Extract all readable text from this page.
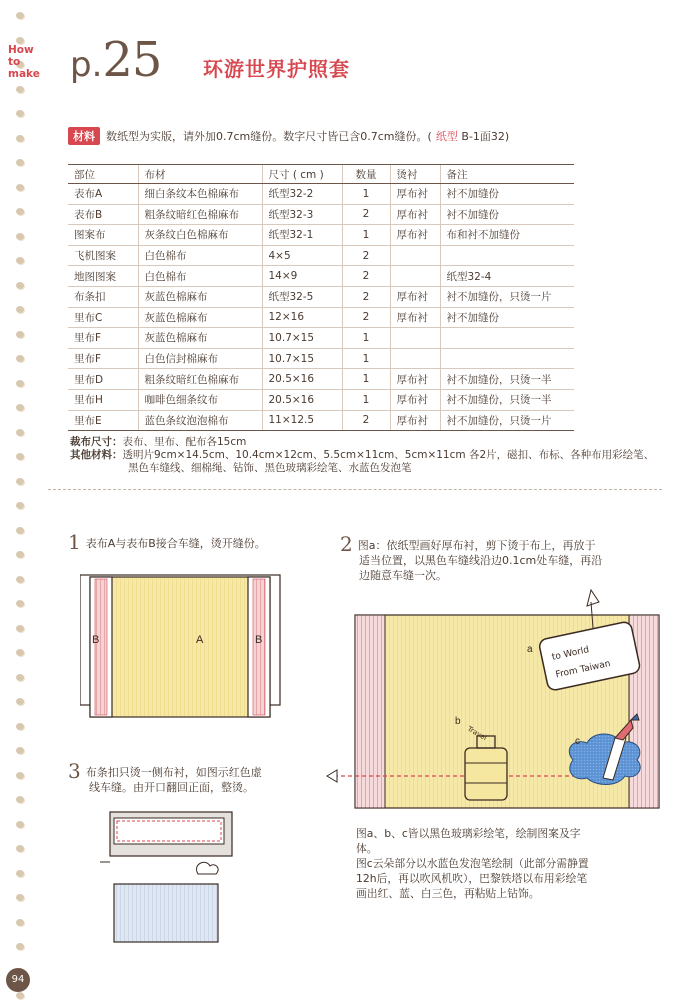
How
to
make p.25 环游世界护照套
材料 数纸型为实版，请外加0.7cm缝份。数字尺寸皆已含0.7cm缝份。( 纸型 B-1面32)
部位	布材	尺寸 ( cm )	数量	烫衬	备注
表布A	细白条纹本色棉麻布	纸型32-2	1	厚布衬	衬不加缝份
表布B	粗条纹暗红色棉麻布	纸型32-3	2	厚布衬	衬不加缝份
图案布	灰条纹白色棉麻布	纸型32-1	1	厚布衬	布和衬不加缝份
飞机图案	白色棉布	4×5	2		
地图图案	白色棉布	14×9	2		纸型32-4
布条扣	灰蓝色棉麻布	纸型32-5	2	厚布衬	衬不加缝份，只烫一片
里布C	灰蓝色棉麻布	12×16	2	厚布衬	衬不加缝份
里布F	灰蓝色棉麻布	10.7×15	1		
里布F	白色信封棉麻布	10.7×15	1		
里布D	粗条纹暗红色棉麻布	20.5×16	1	厚布衬	衬不加缝份，只烫一半
里布H	咖啡色细条纹布	20.5×16	1	厚布衬	衬不加缝份，只烫一半
里布E	蓝色条纹泡泡棉布	11×12.5	2	厚布衬	衬不加缝份，只烫一片
裁布尺寸：表布、里布、配布各15cm
其他材料：透明片9cm×14.5cm、10.4cm×12cm、5.5cm×11cm、5cm×11cm 各2片，磁扣、布标、各种布用彩绘笔、
黑色车缝线、细棉绳、钻饰、黑色玻璃彩绘笔、水蓝色发泡笔
1 表布A与表布B接合车缝，烫开缝份。
B	A	B
2 图a：依纸型画好厚布衬，剪下烫于布上，再放于
适当位置，以黑色车缝线沿边0.1cm处车缝，再沿
边随意车缝一次。
to World
From Taiwan
Travel
a
b
c
3 布条扣只烫一侧布衬，如图示红色虚
线车缝。由开口翻回正面，整烫。
图a、b、c皆以黑色玻璃彩绘笔，绘制图案及字
体。
图c云朵部分以水蓝色发泡笔绘制（此部分需静置
12h后，再以吹风机吹），巴黎铁塔以布用彩绘笔
画出红、蓝、白三色，再粘贴上钻饰。
94
